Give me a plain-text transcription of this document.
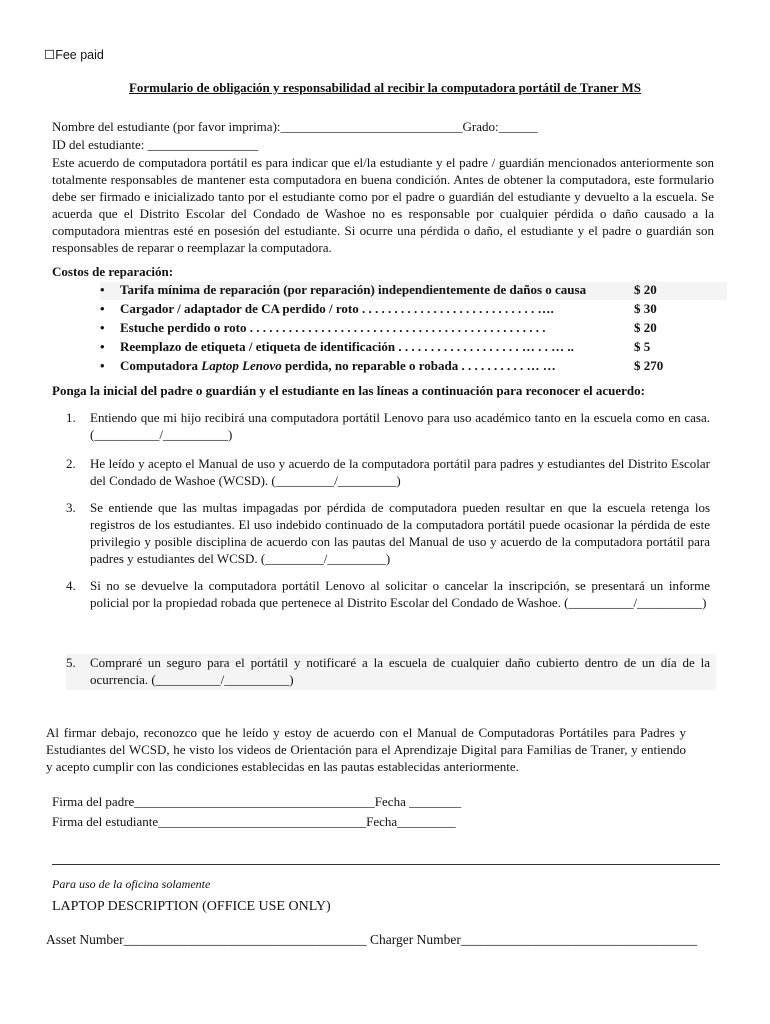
☐Fee paid
Formulario de obligación y responsabilidad al recibir la computadora portátil de Traner MS
Nombre del estudiante (por favor imprima):____________________________Grado:______
ID del estudiante: _________________
Este acuerdo de computadora portátil es para indicar que el/la estudiante y el padre / guardián mencionados anteriormente son totalmente responsables de mantener esta computadora en buena condición. Antes de obtener la computadora, este formulario debe ser firmado e inicializado tanto por el estudiante como por el padre o guardián del estudiante y devuelto a la escuela. Se acuerda que el Distrito Escolar del Condado de Washoe no es responsable por cualquier pérdida o daño causado a la computadora mientras esté en posesión del estudiante. Si ocurre una pérdida o daño, el estudiante y el padre o guardián son responsables de reparar o reemplazar la computadora.
Costos de reparación:
• Tarifa mínima de reparación (por reparación) independientemente de daños o causa	$ 20
• Cargador / adaptador de CA perdido / roto . . . . . . . . . . . . . . . . . . . . . . . . . . . ….	$ 30
• Estuche perdido o roto . . . . . . . . . . . . . . . . . . . . . . . . . . . . . . . . . . . . . . . . . . . . . .	$ 20
• Reemplazo de etiqueta / etiqueta de identificación . . . . . . . . . . . . . . . . . . . … . . … ..	$ 5
• Computadora Laptop Lenovo perdida, no reparable o robada . . . . . . . . . . … …	$ 270
Ponga la inicial del padre o guardián y el estudiante en las líneas a continuación para reconocer el acuerdo:
1. Entiendo que mi hijo recibirá una computadora portátil Lenovo para uso académico tanto en la escuela como en casa. (__________/__________)
2. He leído y acepto el Manual de uso y acuerdo de la computadora portátil para padres y estudiantes del Distrito Escolar del Condado de Washoe (WCSD). (_________/_________)
3. Se entiende que las multas impagadas por pérdida de computadora pueden resultar en que la escuela retenga los registros de los estudiantes. El uso indebido continuado de la computadora portátil puede ocasionar la pérdida de este privilegio y posible disciplina de acuerdo con las pautas del Manual de uso y acuerdo de la computadora portátil para padres y estudiantes del WCSD. (_________/_________)
4. Si no se devuelve la computadora portátil Lenovo al solicitar o cancelar la inscripción, se presentará un informe policial por la propiedad robada que pertenece al Distrito Escolar del Condado de Washoe. (__________/__________)
5. Compraré un seguro para el portátil y notificaré a la escuela de cualquier daño cubierto dentro de un día de la ocurrencia. (__________/__________)
Al firmar debajo, reconozco que he leído y estoy de acuerdo con el Manual de Computadoras Portátiles para Padres y Estudiantes del WCSD, he visto los videos de Orientación para el Aprendizaje Digital para Familias de Traner, y entiendo y acepto cumplir con las condiciones establecidas en las pautas establecidas anteriormente.
Firma del padre_____________________________________Fecha ________
Firma del estudiante________________________________Fecha_________
Para uso de la oficina solamente
LAPTOP DESCRIPTION (OFFICE USE ONLY)
Asset Number____________________________________ Charger Number___________________________________
